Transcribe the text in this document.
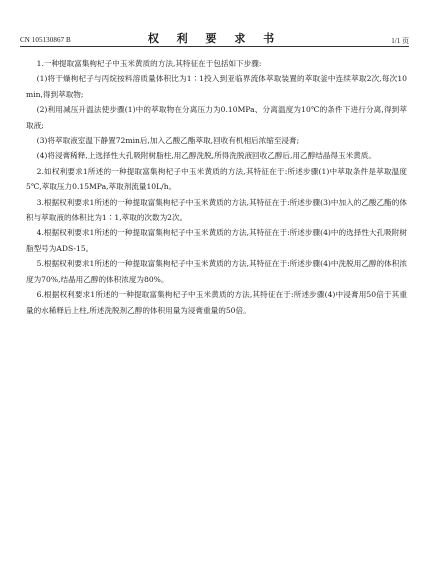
CN 105130867 B	权 利 要 求 书	1/1 页

1.一种提取富集枸杞子中玉米黄质的方法,其特征在于包括如下步骤:

(1)将干燥枸杞子与丙烷按料溶质量体积比为1∶1投入到亚临界流体萃取装置的萃取釜中连续萃取2次,每次10min,得到萃取物;

(2)利用减压升温法使步骤(1)中的萃取物在分离压力为0.10MPa、分离温度为10℃的条件下进行分离,得到萃取液;

(3)将萃取液室温下静置72min后,加入乙酸乙酯萃取,回收有机相后浓缩至浸膏;

(4)将浸膏稀释,上选择性大孔吸附树脂柱,用乙醇洗脱,所得洗脱液回收乙醇后,用乙醇结晶得玉米黄质。

2.如权利要求1所述的一种提取富集枸杞子中玉米黄质的方法,其特征在于:所述步骤(1)中萃取条件是萃取温度5℃,萃取压力0.15MPa,萃取剂流量10L/h。

3.根据权利要求1所述的一种提取富集枸杞子中玉米黄质的方法,其特征在于:所述步骤(3)中加入的乙酸乙酯的体积与萃取液的体积比为1∶1,萃取的次数为2次。

4.根据权利要求1所述的一种提取富集枸杞子中玉米黄质的方法,其特征在于:所述步骤(4)中的选择性大孔吸附树脂型号为ADS-15。

5.根据权利要求1所述的一种提取富集枸杞子中玉米黄质的方法,其特征在于:所述步骤(4)中洗脱用乙醇的体积浓度为70%,结晶用乙醇的体积浓度为80%。

6.根据权利要求1所述的一种提取富集枸杞子中玉米黄质的方法,其特征在于:所述步骤(4)中浸膏用50倍于其重量的水稀释后上柱,所述洗脱剂乙醇的体积用量为浸膏重量的50倍。
